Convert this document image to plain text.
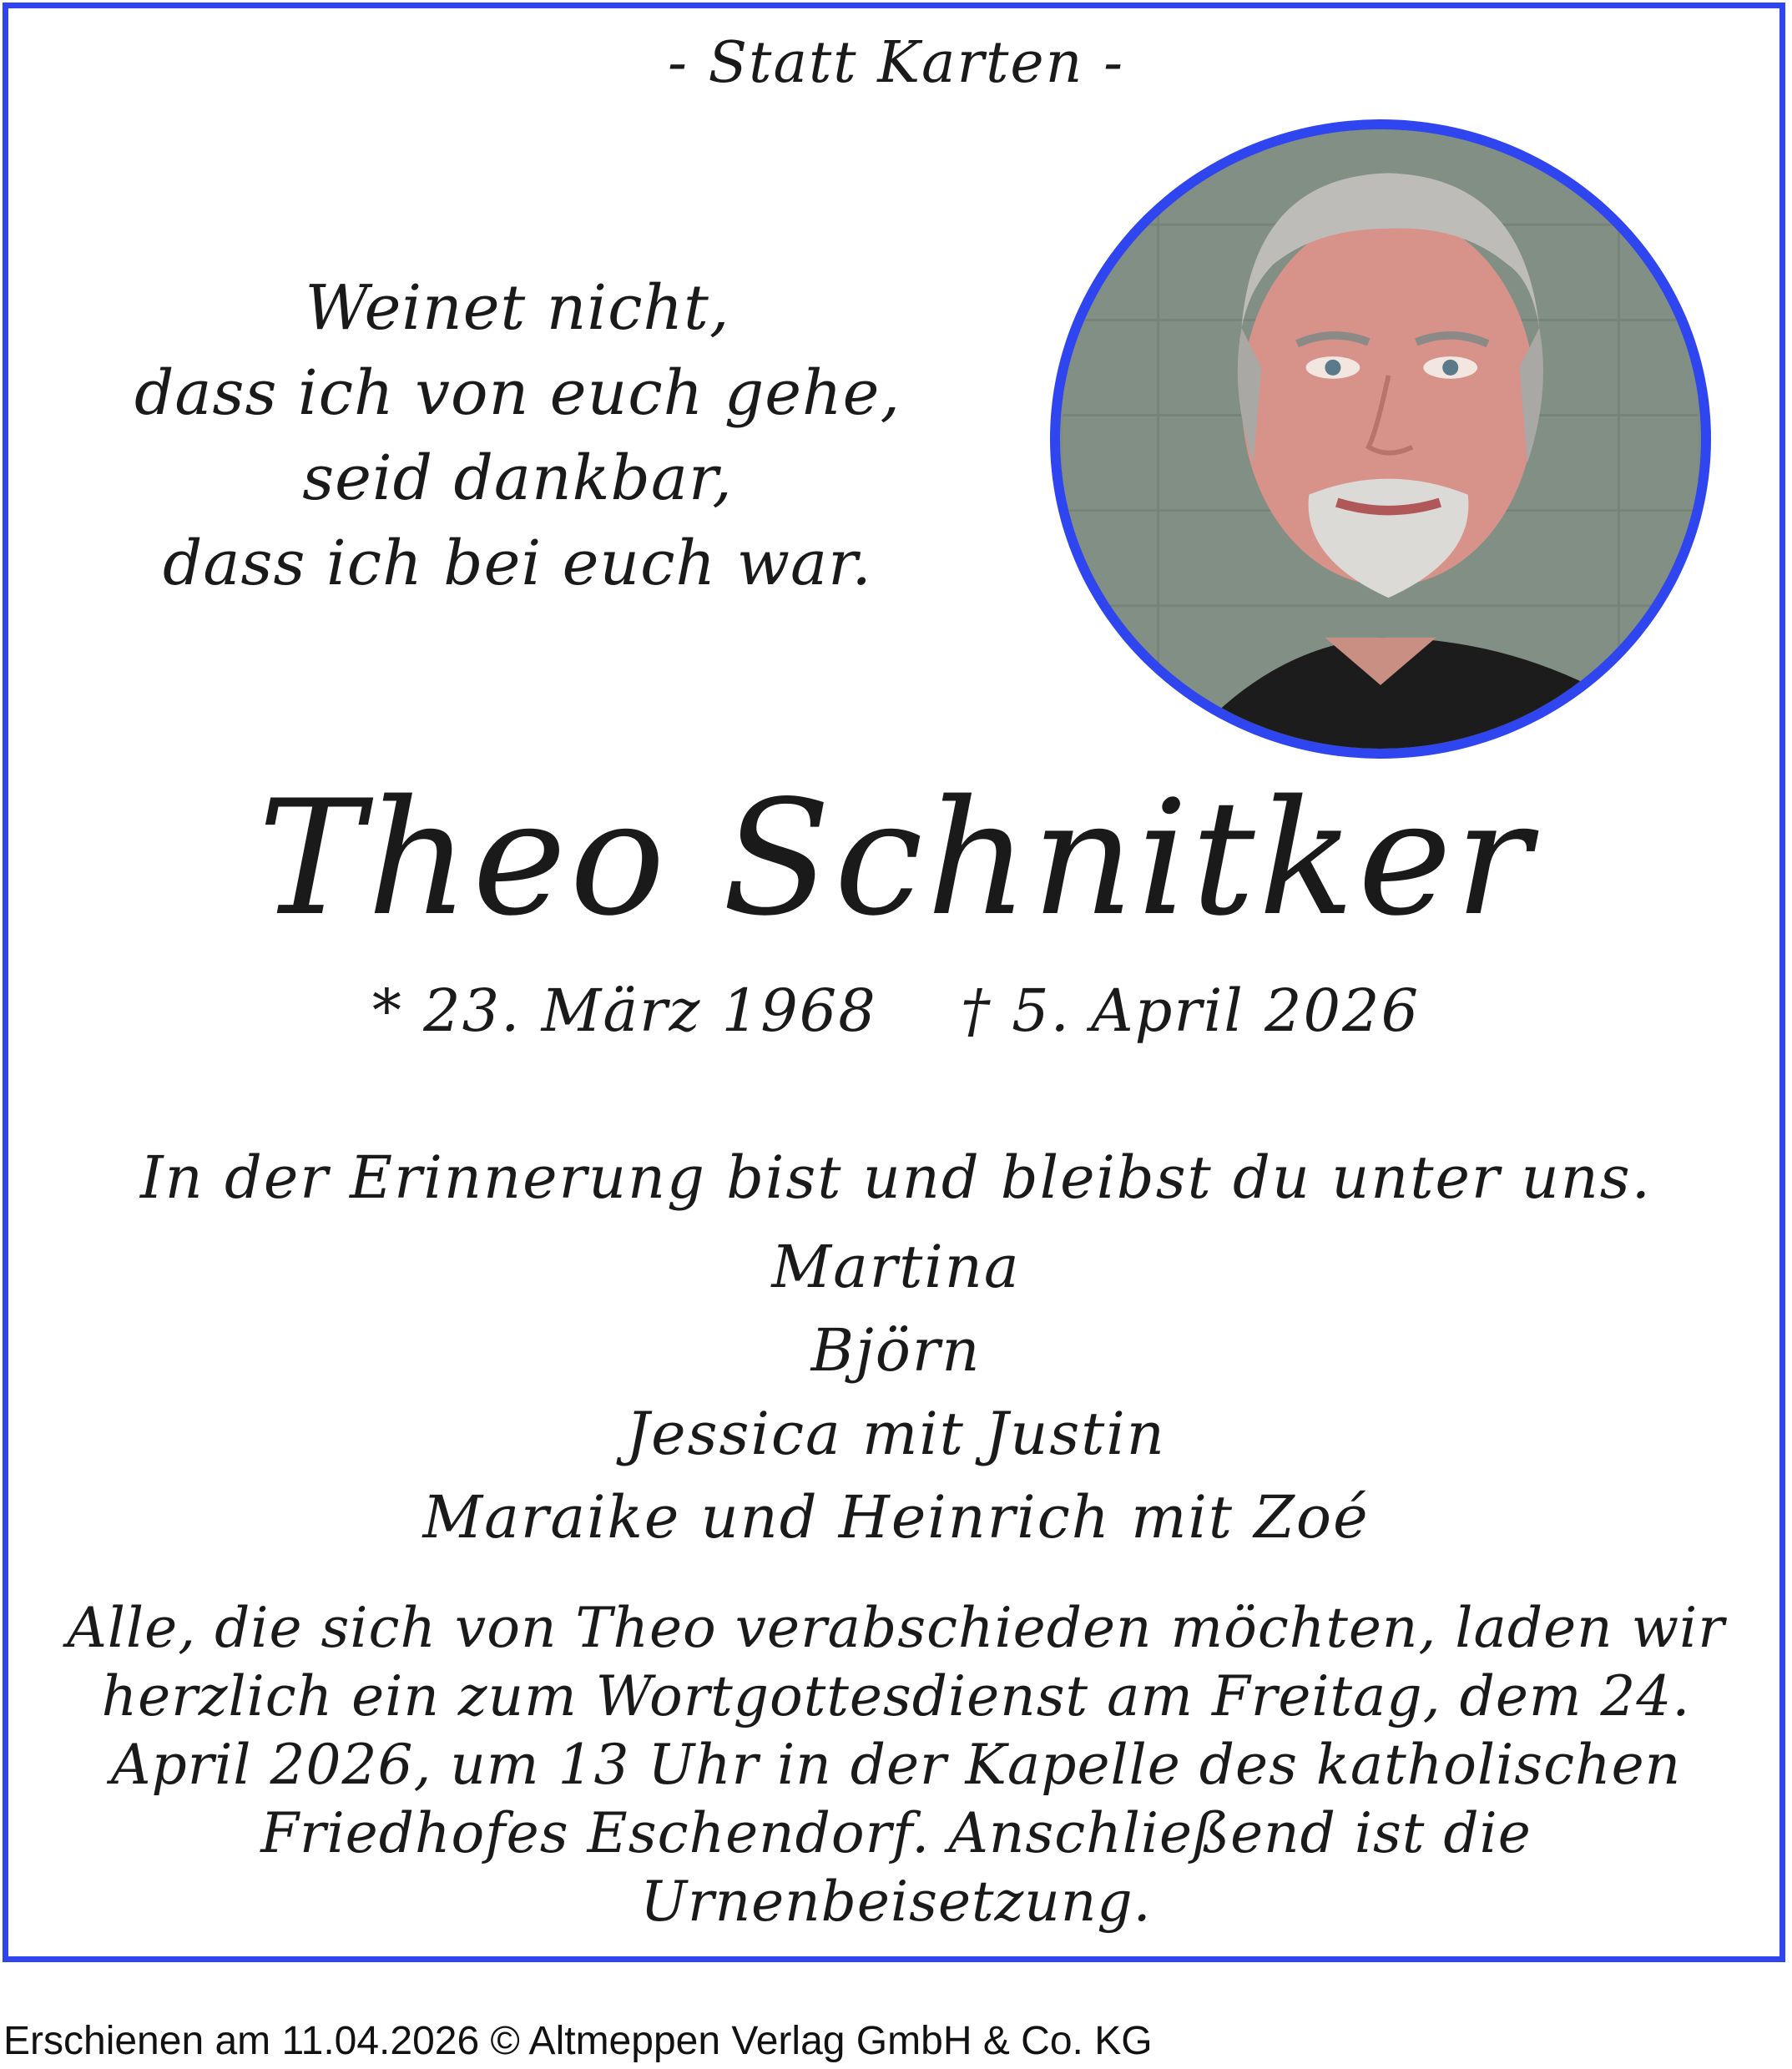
- Statt Karten -
Weinet nicht,
dass ich von euch gehe,
seid dankbar,
dass ich bei euch war.
Theo Schnitker
* 23. März 1968 † 5. April 2026
In der Erinnerung bist und bleibst du unter uns.
Martina
Björn
Jessica mit Justin
Maraike und Heinrich mit Zoé
Alle, die sich von Theo verabschieden möchten, laden wir herzlich ein zum Wortgottesdienst am Freitag, dem 24. April 2026, um 13 Uhr in der Kapelle des katholischen Friedhofes Eschendorf. Anschließend ist die Urnenbeisetzung.
Erschienen am 11.04.2026 © Altmeppen Verlag GmbH & Co. KG
